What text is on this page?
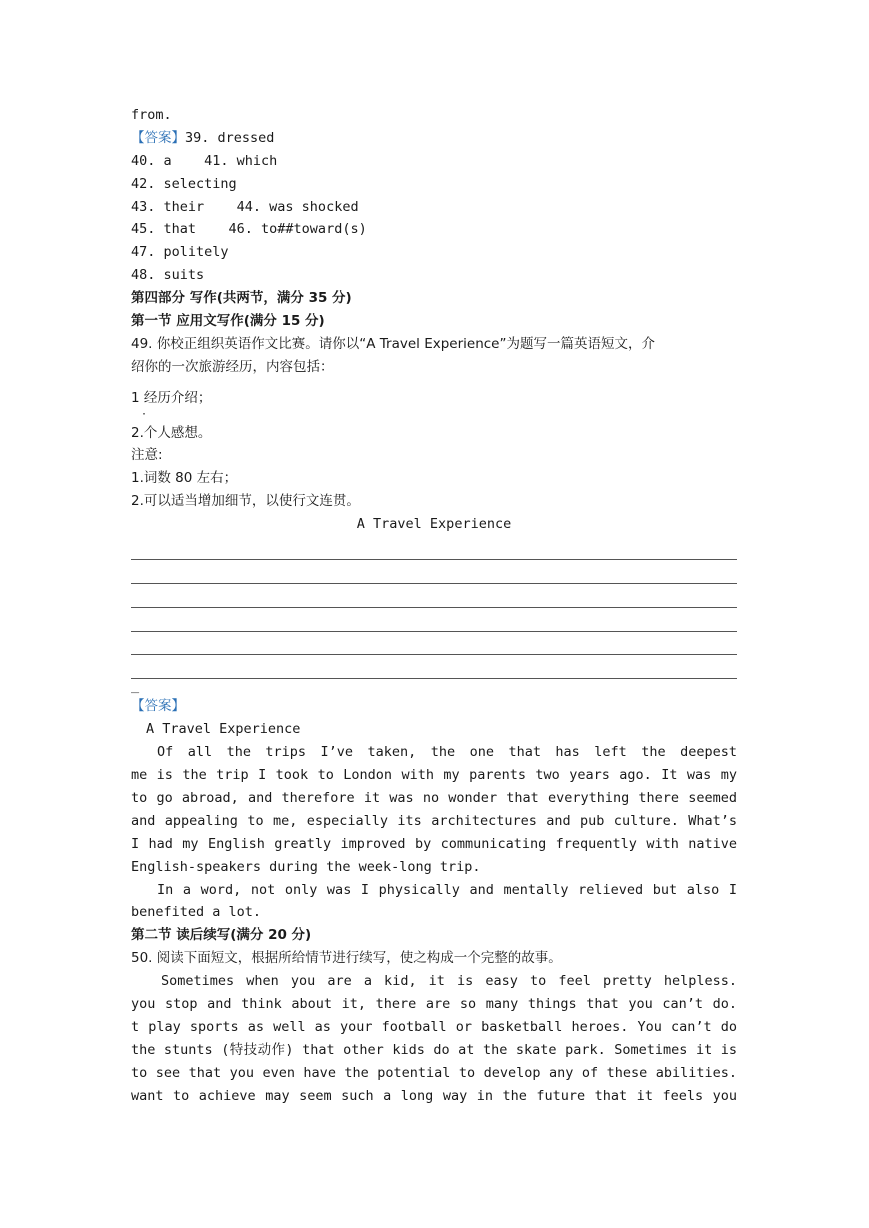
from.
【答案】39. dressed
40. a    41. which
42. selecting
43. their    44. was shocked
45. that    46. to##toward(s)
47. politely
48. suits
第四部分 写作(共两节，满分 35 分)
第一节 应用文写作(满分 15 分)
49. 你校正组织英语作文比赛。请你以“A Travel Experience”为题写一篇英语短文，介
绍你的一次旅游经历，内容包括：
1 经历介绍；
·
2.个人感想。
注意:
1.词数 80 左右；
2.可以适当增加细节，以使行文连贯。
A Travel Experience
_
【答案】
A Travel Experience
Of all the trips I’ve taken, the one that has left the deepest
me is the trip I took to London with my parents two years ago. It was my
to go abroad, and therefore it was no wonder that everything there seemed
and appealing to me, especially its architectures and pub culture. What’s
I had my English greatly improved by communicating frequently with native
English-speakers during the week-long trip.
In a word, not only was I physically and mentally relieved but also I
benefited a lot.
第二节 读后续写(满分 20 分)
50. 阅读下面短文，根据所给情节进行续写，使之构成一个完整的故事。
Sometimes when you are a kid, it is easy to feel pretty helpless.
you stop and think about it, there are so many things that you can’t do.
t play sports as well as your football or basketball heroes. You can’t do
the stunts (特技动作) that other kids do at the skate park. Sometimes it is
to see that you even have the potential to develop any of these abilities.
want to achieve may seem such a long way in the future that it feels you
